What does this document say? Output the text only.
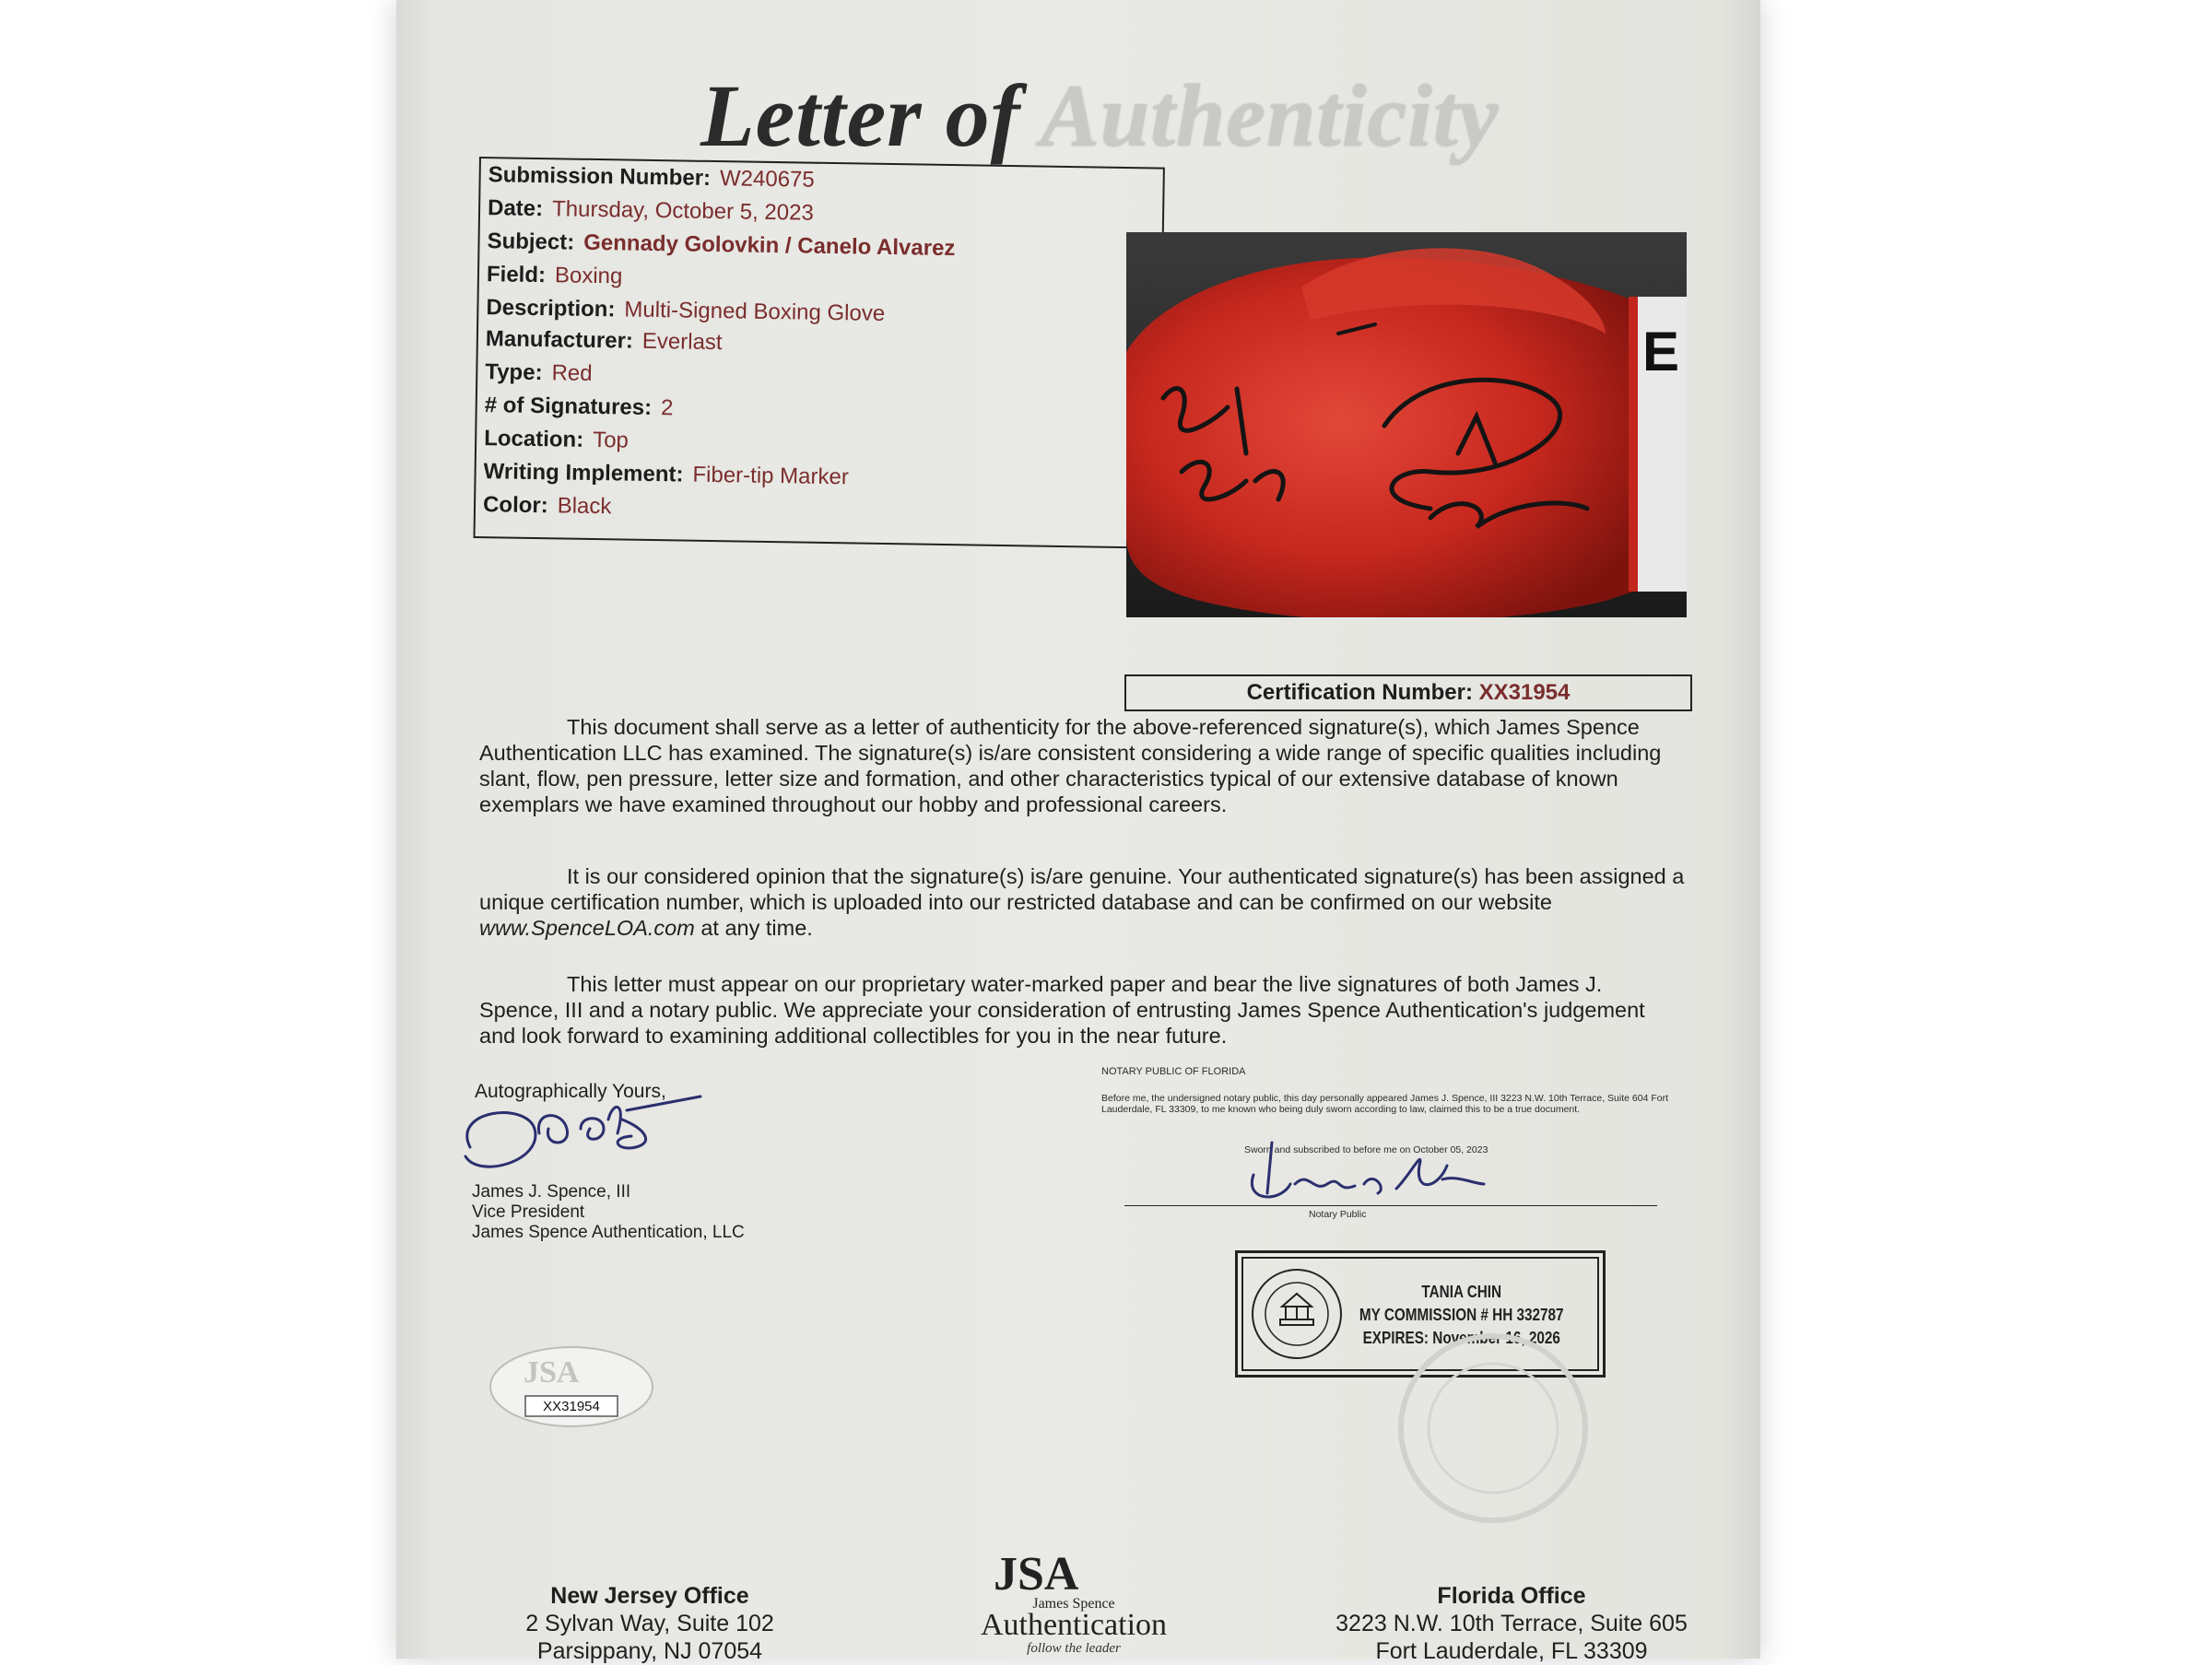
Letter of Authenticity
Submission Number: W240675
Date: Thursday, October 5, 2023
Subject: Gennady Golovkin / Canelo Alvarez
Field: Boxing
Description: Multi-Signed Boxing Glove
Manufacturer: Everlast
Type: Red
# of Signatures: 2
Location: Top
Writing Implement: Fiber-tip Marker
Color: Black
E
Certification Number: XX31954
This document shall serve as a letter of authenticity for the above-referenced signature(s), which James Spence Authentication LLC has examined. The signature(s) is/are consistent considering a wide range of specific qualities including slant, flow, pen pressure, letter size and formation, and other characteristics typical of our extensive database of known exemplars we have examined throughout our hobby and professional careers.
It is our considered opinion that the signature(s) is/are genuine. Your authenticated signature(s) has been assigned a unique certification number, which is uploaded into our restricted database and can be confirmed on our website www.SpenceLOA.com at any time.
This letter must appear on our proprietary water-marked paper and bear the live signatures of both James J. Spence, III and a notary public. We appreciate your consideration of entrusting James Spence Authentication's judgement and look forward to examining additional collectibles for you in the near future.
Autographically Yours,
James J. Spence, III
Vice President
James Spence Authentication, LLC
NOTARY PUBLIC OF FLORIDA
Before me, the undersigned notary public, this day personally appeared James J. Spence, III 3223 N.W. 10th Terrace, Suite 604 Fort Lauderdale, FL 33309, to me known who being duly sworn according to law, claimed this to be a true document.
Sworn and subscribed to before me on October 05, 2023
Notary Public
TANIA CHIN
MY COMMISSION # HH 332787
EXPIRES: November 16, 2026
JSA
XX31954
New Jersey Office
2 Sylvan Way, Suite 102
Parsippany, NJ 07054
JSA
James Spence
Authentication
follow the leader
Florida Office
3223 N.W. 10th Terrace, Suite 605
Fort Lauderdale, FL 33309
